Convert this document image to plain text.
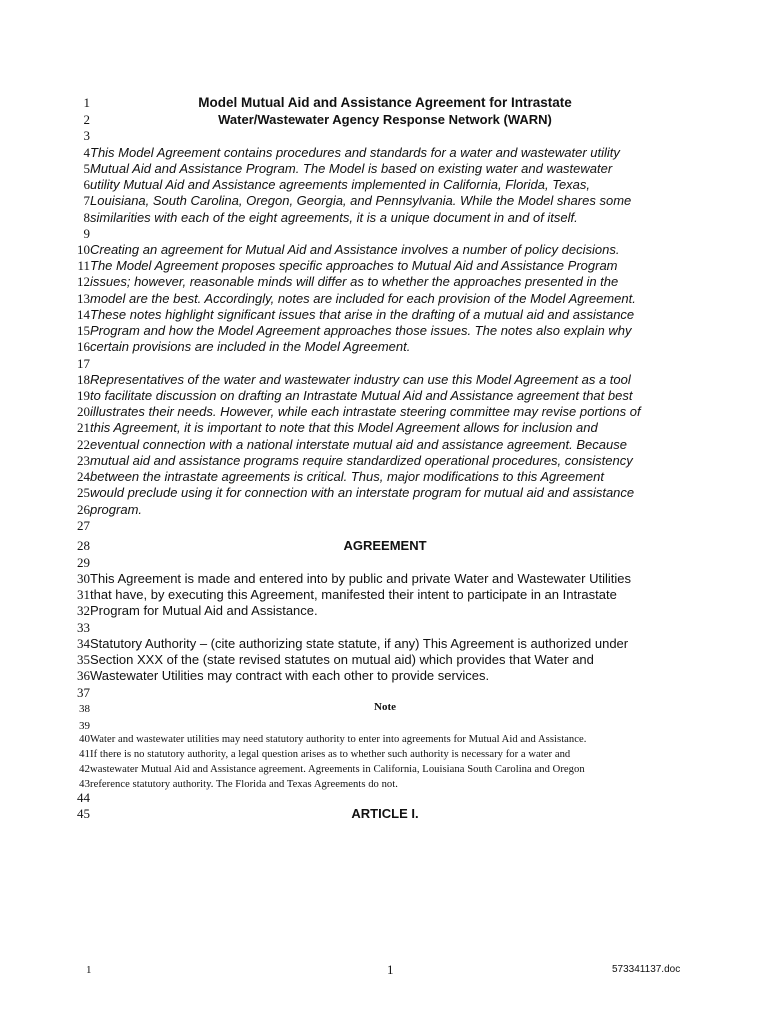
Model Mutual Aid and Assistance Agreement for Intrastate
Water/Wastewater Agency Response Network (WARN)
1
2
3
4This Model Agreement contains procedures and standards for a water and wastewater utility
5Mutual Aid and Assistance Program. The Model is based on existing water and wastewater
6utility Mutual Aid and Assistance agreements implemented in California, Florida, Texas,
7Louisiana, South Carolina, Oregon, Georgia, and Pennsylvania. While the Model shares some
8similarities with each of the eight agreements, it is a unique document in and of itself.
9
10Creating an agreement for Mutual Aid and Assistance involves a number of policy decisions.
11The Model Agreement proposes specific approaches to Mutual Aid and Assistance Program
12issues; however, reasonable minds will differ as to whether the approaches presented in the
13model are the best. Accordingly, notes are included for each provision of the Model Agreement.
14These notes highlight significant issues that arise in the drafting of a mutual aid and assistance
15Program and how the Model Agreement approaches those issues. The notes also explain why
16certain provisions are included in the Model Agreement.
17
18Representatives of the water and wastewater industry can use this Model Agreement as a tool
19to facilitate discussion on drafting an Intrastate Mutual Aid and Assistance agreement that best
20illustrates their needs. However, while each intrastate steering committee may revise portions of
21this Agreement, it is important to note that this Model Agreement allows for inclusion and
22eventual connection with a national interstate mutual aid and assistance agreement. Because
23mutual aid and assistance programs require standardized operational procedures, consistency
24between the intrastate agreements is critical. Thus, major modifications to this Agreement
25would preclude using it for connection with an interstate program for mutual aid and assistance
26program.
27
28
29
30This Agreement is made and entered into by public and private Water and Wastewater Utilities
31that have, by executing this Agreement, manifested their intent to participate in an Intrastate
32Program for Mutual Aid and Assistance.
33
34Statutory Authority – (cite authorizing state statute, if any) This Agreement is authorized under
35Section XXX of the (state revised statutes on mutual aid) which provides that Water and
36Wastewater Utilities may contract with each other to provide services.
37
AGREEMENT
38
39
40Water and wastewater utilities may need statutory authority to enter into agreements for Mutual Aid and Assistance.
41If there is no statutory authority, a legal question arises as to whether such authority is necessary for a water and
42wastewater Mutual Aid and Assistance agreement. Agreements in California, Louisiana South Carolina and Oregon
43reference statutory authority. The Florida and Texas Agreements do not.
Note
44
45	ARTICLE I.
1	1	573341137.doc
